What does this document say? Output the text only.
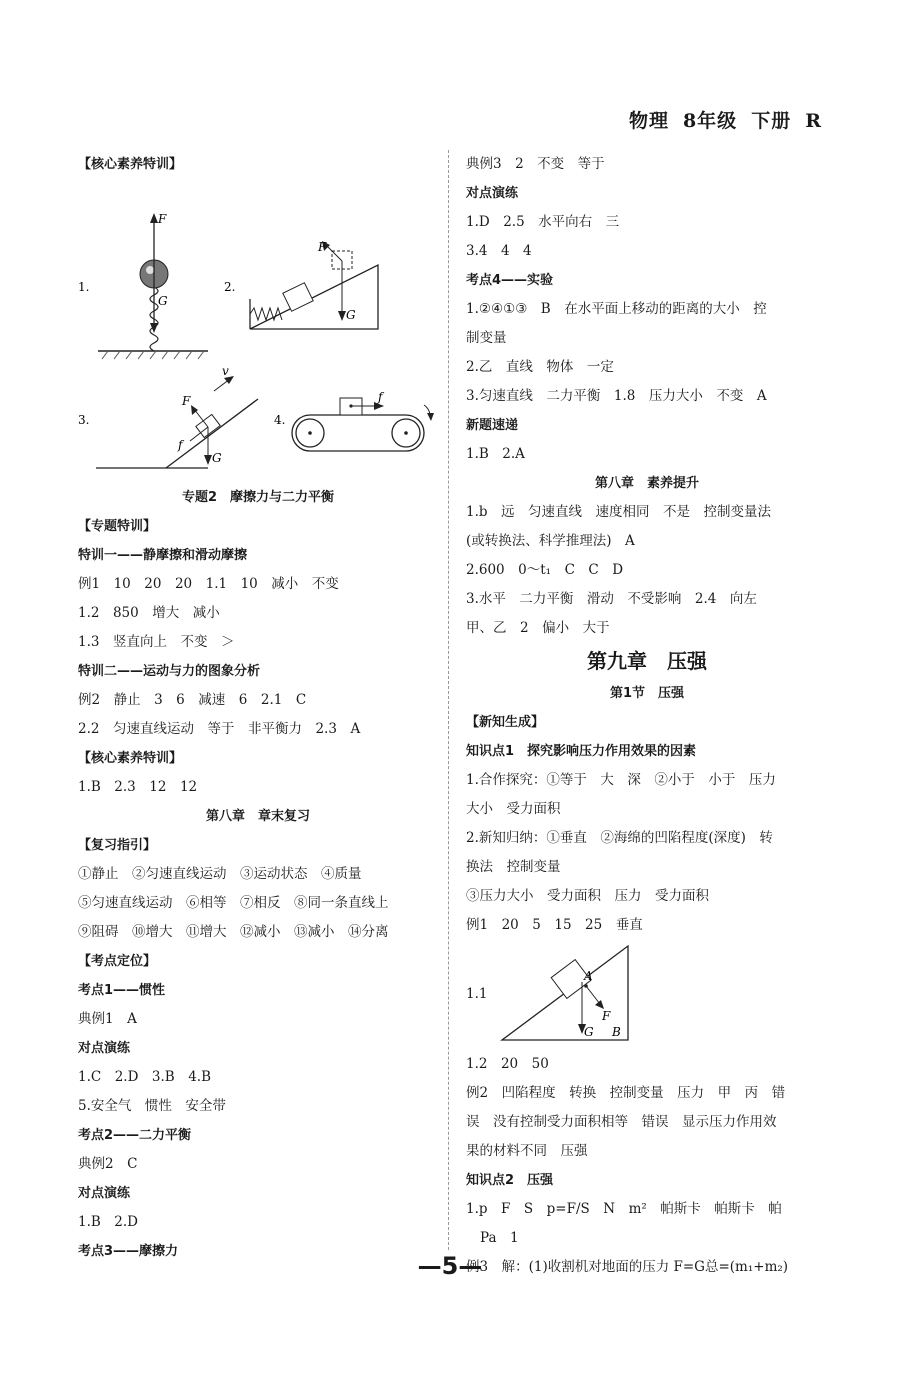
物理 8年级 下册 R
【核心素养特训】
1.
F
G
2.
G
F
3.
G
F
f
v
4.
f
专题2　摩擦力与二力平衡
【专题特训】
特训一——静摩擦和滑动摩擦
例1　10　20　20　1.1　10　减小　不变
1.2　850　增大　减小
1.3　竖直向上　不变　＞
特训二——运动与力的图象分析
例2　静止　3　6　减速　6　2.1　C
2.2　匀速直线运动　等于　非平衡力　2.3　A
【核心素养特训】
1.B　2.3　12　12
第八章　章末复习
【复习指引】
①静止　②匀速直线运动　③运动状态　④质量
⑤匀速直线运动　⑥相等　⑦相反　⑧同一条直线上
⑨阻碍　⑩增大　⑪增大　⑫减小　⑬减小　⑭分离
【考点定位】
考点1——惯性
典例1　A
对点演练
1.C　2.D　3.B　4.B
5.安全气　惯性　安全带
考点2——二力平衡
典例2　C
对点演练
1.B　2.D
考点3——摩擦力
典例3　2　不变　等于
对点演练
1.D　2.5　水平向右　三
3.4　4　4
考点4——实验
1.②④①③　B　在水平面上移动的距离的大小　控
制变量
2.乙　直线　物体　一定
3.匀速直线　二力平衡　1.8　压力大小　不变　A
新题速递
1.B　2.A
第八章　素养提升
1.b　远　匀速直线　速度相同　不是　控制变量法
(或转换法、科学推理法)　A
2.600　0～t₁　C　C　D
3.水平　二力平衡　滑动　不受影响　2.4　向左
甲、乙　2　偏小　大于
第九章　压强
第1节　压强
【新知生成】
知识点1　探究影响压力作用效果的因素
1.合作探究：①等于　大　深　②小于　小于　压力
大小　受力面积
2.新知归纳：①垂直　②海绵的凹陷程度(深度)　转
换法　控制变量
③压力大小　受力面积　压力　受力面积
例1　20　5　15　25　垂直
1.1
G
A
F
B
1.2　20　50
例2　凹陷程度　转换　控制变量　压力　甲　丙　错
误　没有控制受力面积相等　错误　显示压力作用效
果的材料不同　压强
知识点2　压强
1.p　F　S　p=F/S　N　m²　帕斯卡　帕斯卡　帕
Pa　1
例3　解：(1)收割机对地面的压力 F=G总=(m₁+m₂)
—5—
